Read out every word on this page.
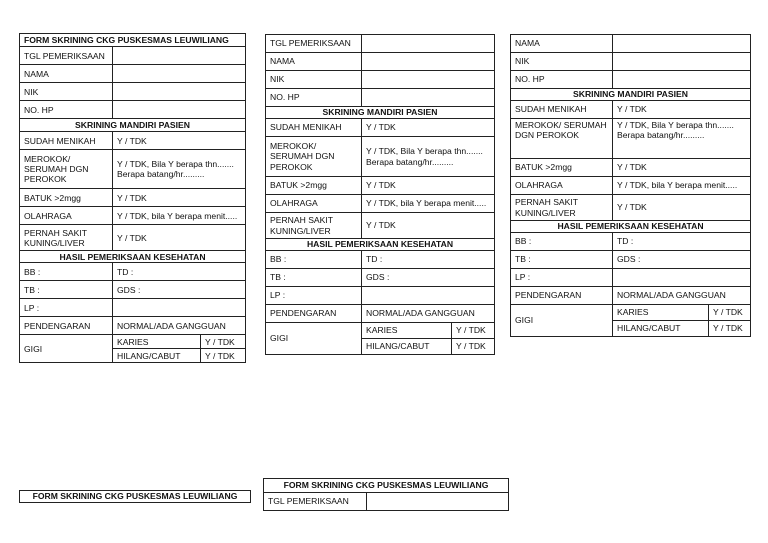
FORM SKRINING CKG PUSKESMAS LEUWILIANG		
TGL PEMERIKSAAN		
NAMA		
NIK		
NO. HP		
SKRINING MANDIRI PASIEN		
SUDAH MENIKAH	Y / TDK	
MEROKOK/ SERUMAH DGN PEROKOK	Y / TDK, Bila Y berapa thn....... Berapa batang/hr.........	
BATUK >2mgg	Y / TDK	
OLAHRAGA	Y / TDK, bila Y berapa menit.....	
PERNAH SAKIT KUNING/LIVER	Y / TDK	
HASIL PEMERIKSAAN KESEHATAN		
BB :	TD :	
TB :	GDS :	
LP :		
PENDENGARAN	NORMAL/ADA GANGGUAN	
GIGI	KARIES	Y / TDK
	HILANG/CABUT	Y / TDK
TGL PEMERIKSAAN		
NAMA		
NIK		
NO. HP		
SKRINING MANDIRI PASIEN		
SUDAH MENIKAH	Y / TDK	
MEROKOK/ SERUMAH DGN PEROKOK	Y / TDK, Bila Y berapa thn....... Berapa batang/hr.........	
BATUK >2mgg	Y / TDK	
OLAHRAGA	Y / TDK, bila Y berapa menit.....	
PERNAH SAKIT KUNING/LIVER	Y / TDK	
HASIL PEMERIKSAAN KESEHATAN		
BB :	TD :	
TB :	GDS :	
LP :		
PENDENGARAN	NORMAL/ADA GANGGUAN	
GIGI	KARIES	Y / TDK
	HILANG/CABUT	Y / TDK
NAMA		
NIK		
NO. HP		
SKRINING MANDIRI PASIEN		
SUDAH MENIKAH	Y / TDK	
MEROKOK/ SERUMAH DGN PEROKOK	Y / TDK, Bila Y berapa thn....... Berapa batang/hr.........	
BATUK >2mgg	Y / TDK	
OLAHRAGA	Y / TDK, bila Y berapa menit.....	
PERNAH SAKIT KUNING/LIVER	Y / TDK	
HASIL PEMERIKSAAN KESEHATAN		
BB :	TD :	
TB :	GDS :	
LP :		
PENDENGARAN	NORMAL/ADA GANGGUAN	
GIGI	KARIES	Y / TDK
	HILANG/CABUT	Y / TDK
FORM SKRINING CKG PUSKESMAS LEUWILIANG
FORM SKRINING CKG PUSKESMAS LEUWILIANG
TGL PEMERIKSAAN	
